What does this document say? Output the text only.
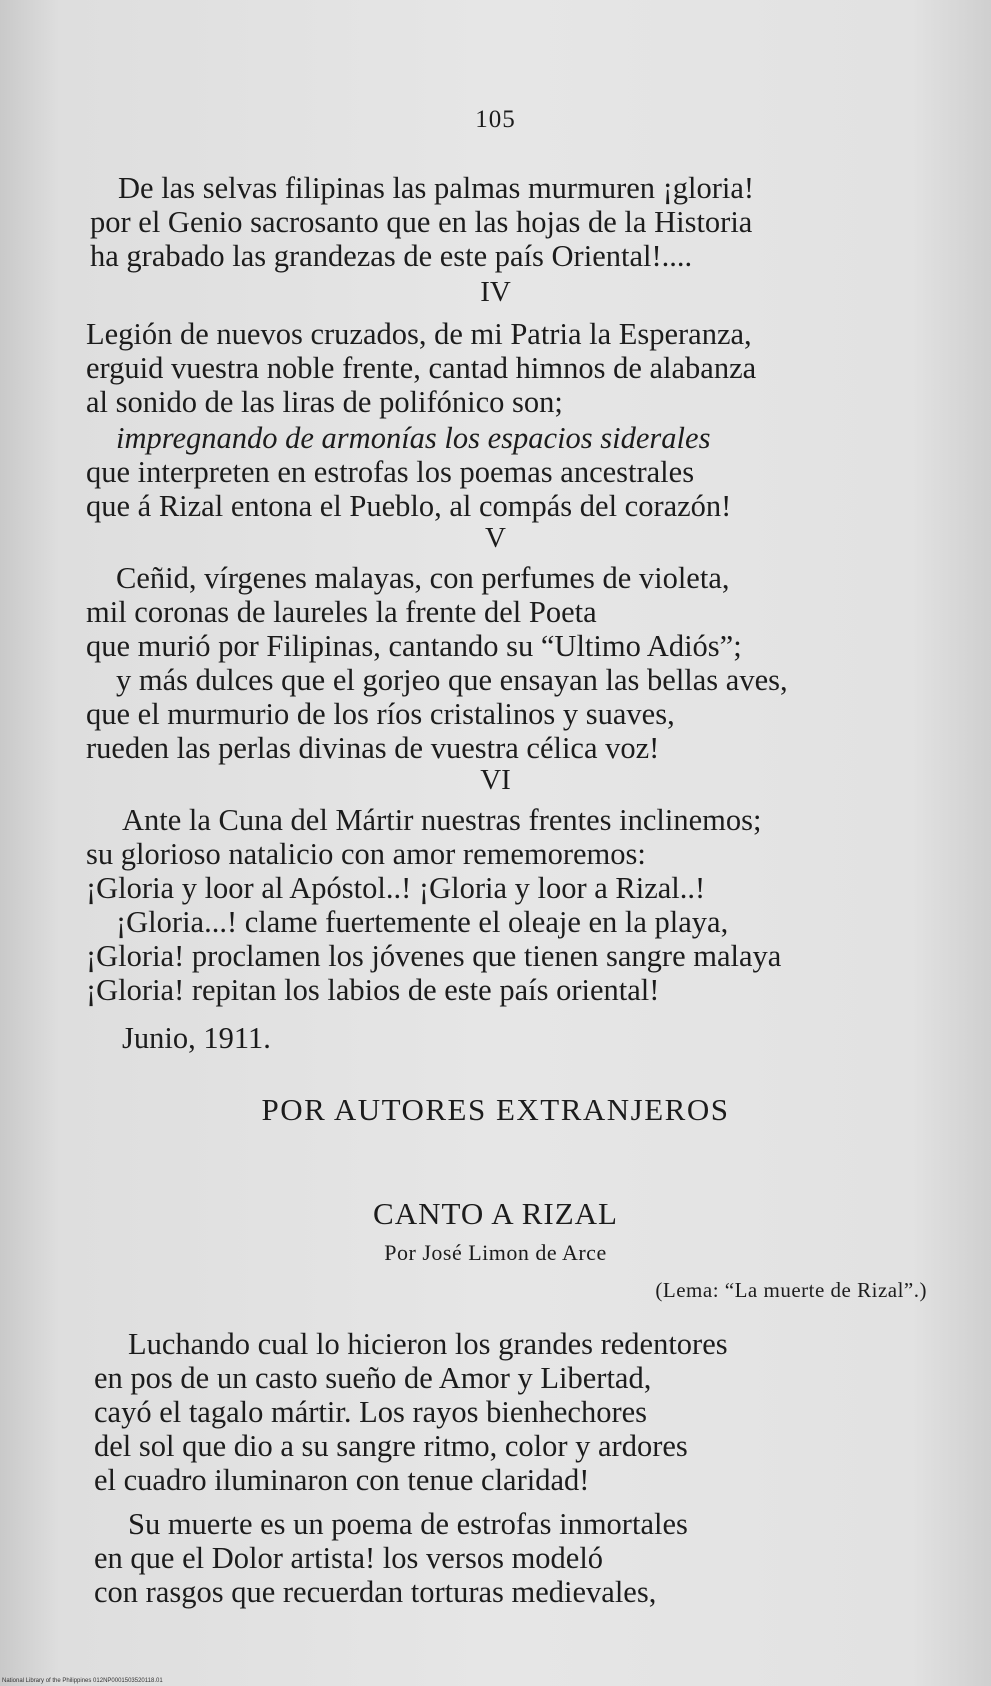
105
De las selvas filipinas las palmas murmuren ¡gloria!
por el Genio sacrosanto que en las hojas de la Historia
ha grabado las grandezas de este país Oriental!....
IV
Legión de nuevos cruzados, de mi Patria la Esperanza,
erguid vuestra noble frente, cantad himnos de alabanza
al sonido de las liras de polifónico son;
impregnando de armonías los espacios siderales
que interpreten en estrofas los poemas ancestrales
que á Rizal entona el Pueblo, al compás del corazón!
V
Ceñid, vírgenes malayas, con perfumes de violeta,
mil coronas de laureles la frente del Poeta
que murió por Filipinas, cantando su “Ultimo Adiós”;
y más dulces que el gorjeo que ensayan las bellas aves,
que el murmurio de los ríos cristalinos y suaves,
rueden las perlas divinas de vuestra célica voz!
VI
Ante la Cuna del Mártir nuestras frentes inclinemos;
su glorioso natalicio con amor rememoremos:
¡Gloria y loor al Apóstol..! ¡Gloria y loor a Rizal..!
¡Gloria...! clame fuertemente el oleaje en la playa,
¡Gloria! proclamen los jóvenes que tienen sangre malaya
¡Gloria! repitan los labios de este país oriental!
Junio, 1911.
POR AUTORES EXTRANJEROS
CANTO A RIZAL
Por José Limon de Arce
(Lema: “La muerte de Rizal”.)
Luchando cual lo hicieron los grandes redentores
en pos de un casto sueño de Amor y Libertad,
cayó el tagalo mártir. Los rayos bienhechores
del sol que dio a su sangre ritmo, color y ardores
el cuadro iluminaron con tenue claridad!
Su muerte es un poema de estrofas inmortales
en que el Dolor artista! los versos modeló
con rasgos que recuerdan torturas medievales,
National Library of the Philippines 012NP0001503520118.01
